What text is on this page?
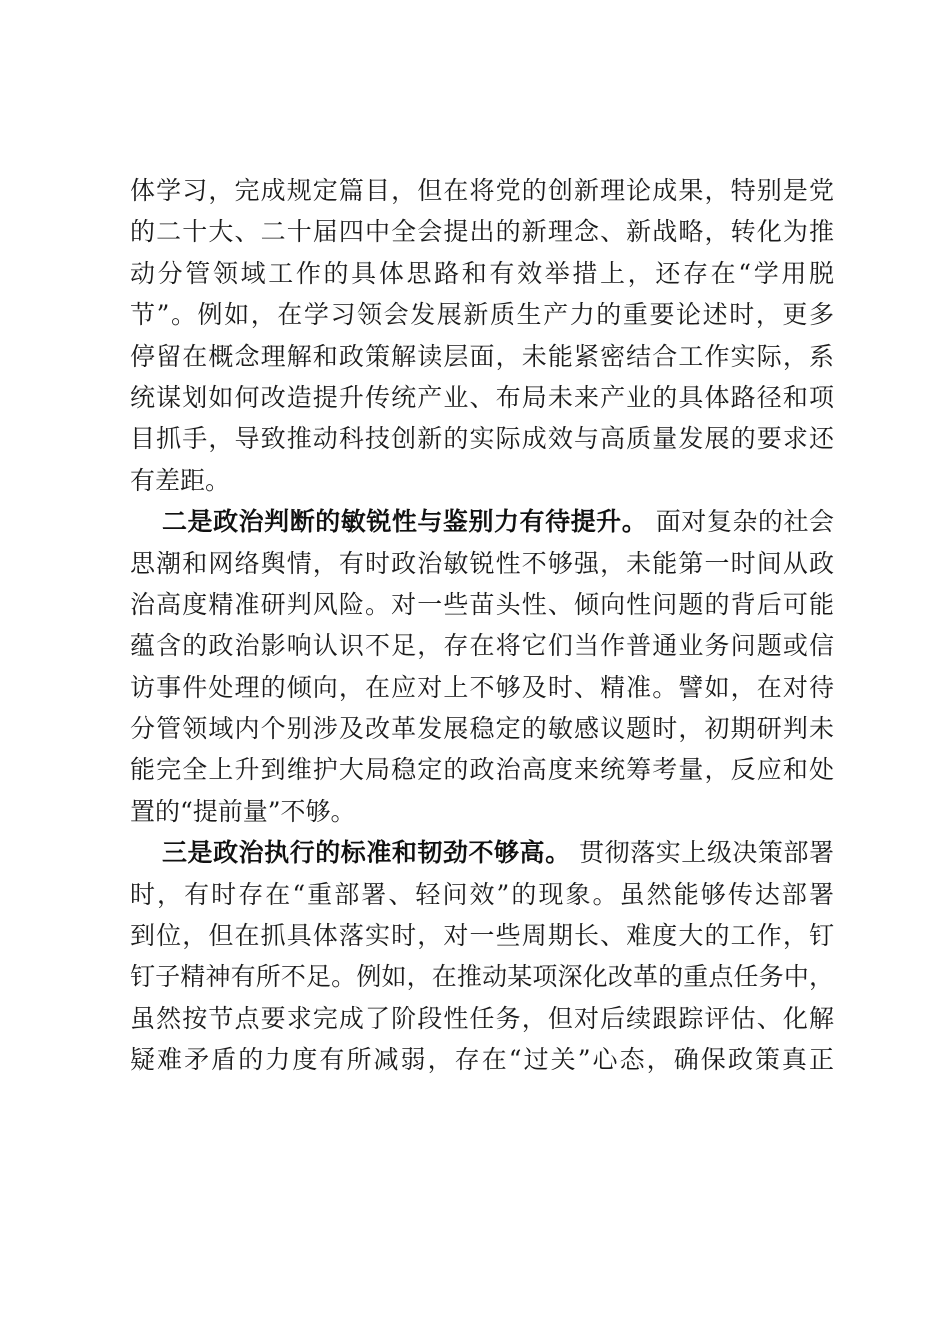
体学习，完成规定篇目，但在将党的创新理论成果，特别是党
的二十大、二十届四中全会提出的新理念、新战略，转化为推
动分管领域工作的具体思路和有效举措上，还存在“学用脱
节”。例如，在学习领会发展新质生产力的重要论述时，更多
停留在概念理解和政策解读层面，未能紧密结合工作实际，系
统谋划如何改造提升传统产业、布局未来产业的具体路径和项
目抓手，导致推动科技创新的实际成效与高质量发展的要求还
有差距。
二是政治判断的敏锐性与鉴别力有待提升。 面对复杂的社会
思潮和网络舆情，有时政治敏锐性不够强，未能第一时间从政
治高度精准研判风险。对一些苗头性、倾向性问题的背后可能
蕴含的政治影响认识不足，存在将它们当作普通业务问题或信
访事件处理的倾向，在应对上不够及时、精准。譬如，在对待
分管领域内个别涉及改革发展稳定的敏感议题时，初期研判未
能完全上升到维护大局稳定的政治高度来统筹考量，反应和处
置的“提前量”不够。
三是政治执行的标准和韧劲不够高。 贯彻落实上级决策部署
时，有时存在“重部署、轻问效”的现象。虽然能够传达部署
到位，但在抓具体落实时，对一些周期长、难度大的工作，钉
钉子精神有所不足。例如，在推动某项深化改革的重点任务中，
虽然按节点要求完成了阶段性任务，但对后续跟踪评估、化解
疑难矛盾的力度有所减弱，存在“过关”心态，确保政策真正
